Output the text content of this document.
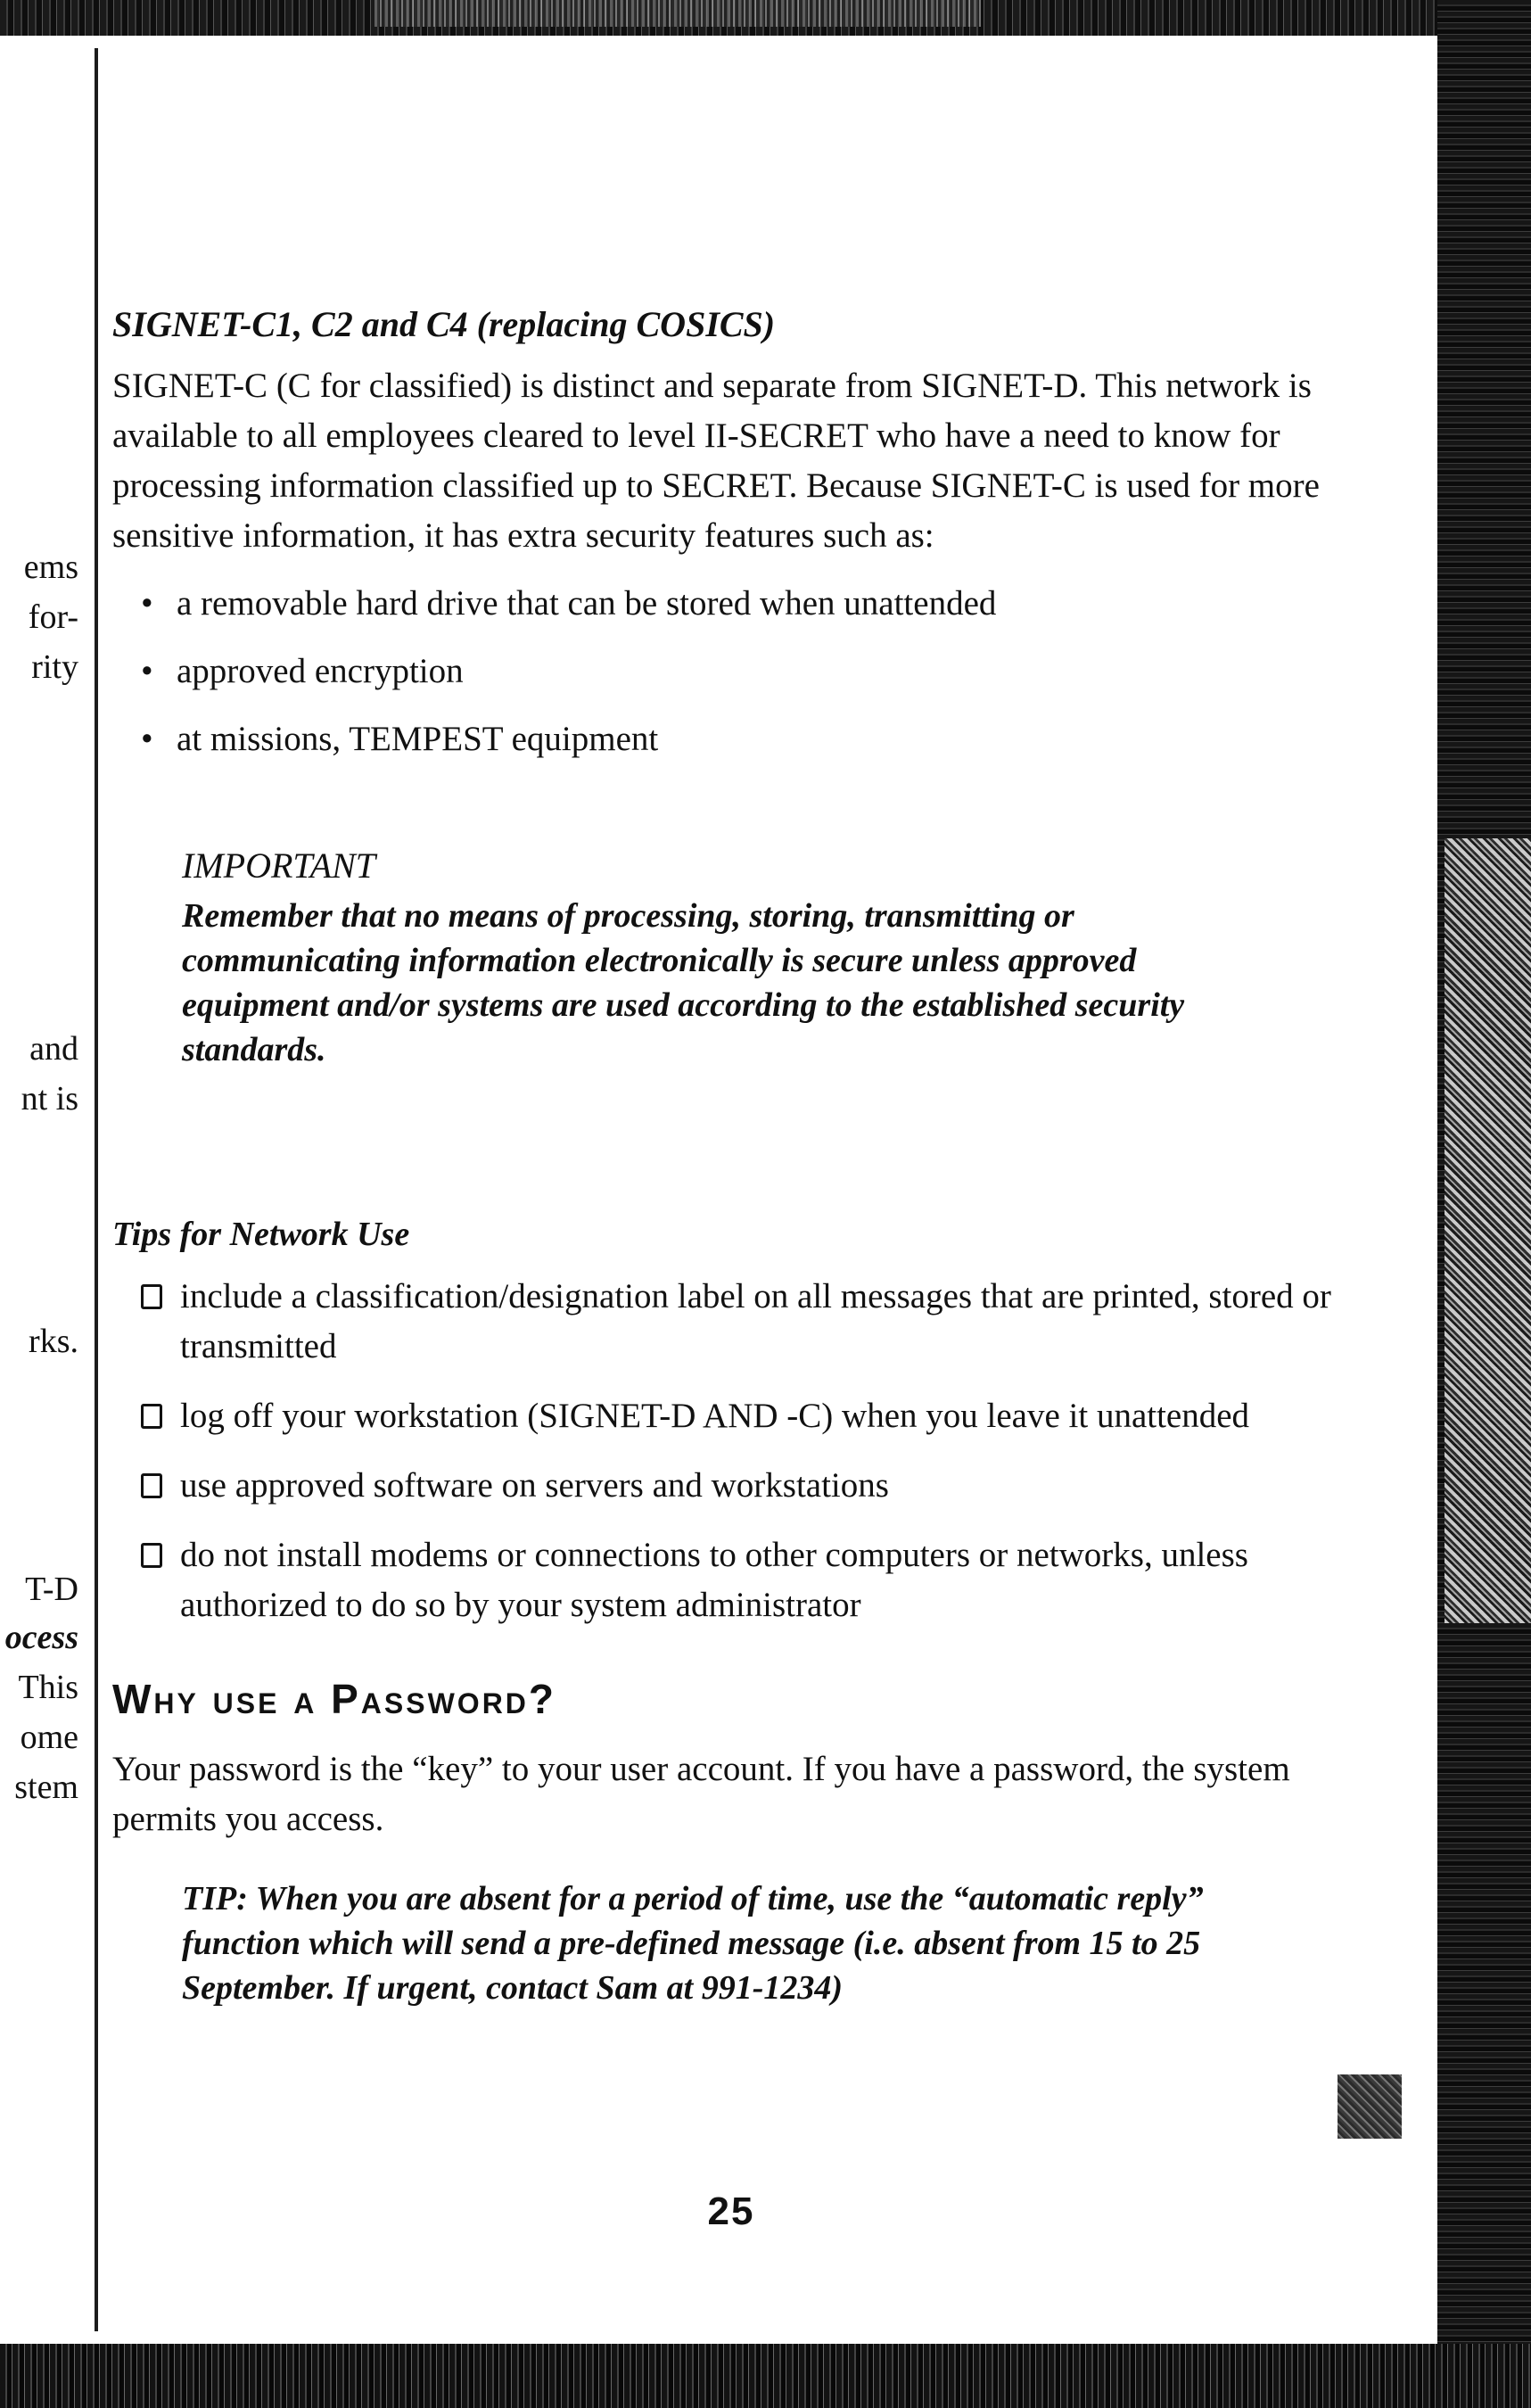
ems

for-

rity

and

nt is

rks.

T-D

ocess

This

ome

stem

SIGNET-C1, C2 and C4 (replacing COSICS)

SIGNET-C (C for classified) is distinct and separate from SIGNET-D. This network is available to all employees cleared to level II-SECRET who have a need to know for processing information classified up to SECRET. Because SIGNET-C is used for more sensitive information, it has extra security features such as:

• a removable hard drive that can be stored when unattended
• approved encryption
• at missions, TEMPEST equipment

IMPORTANT

Remember that no means of processing, storing, transmitting or communicating information electronically is secure unless approved equipment and/or systems are used according to the established security standards.

Tips for Network Use

include a classification/designation label on all messages that are printed, stored or transmitted
log off your workstation (SIGNET-D AND -C) when you leave it unattended
use approved software on servers and workstations
do not install modems or connections to other computers or networks, unless authorized to do so by your system administrator
Why use a Password?

Your password is the “key” to your user account. If you have a password, the system permits you access.

TIP: When you are absent for a period of time, use the “automatic reply” function which will send a pre-defined message (i.e. absent from 15 to 25 September. If urgent, contact Sam at 991-1234)

25
